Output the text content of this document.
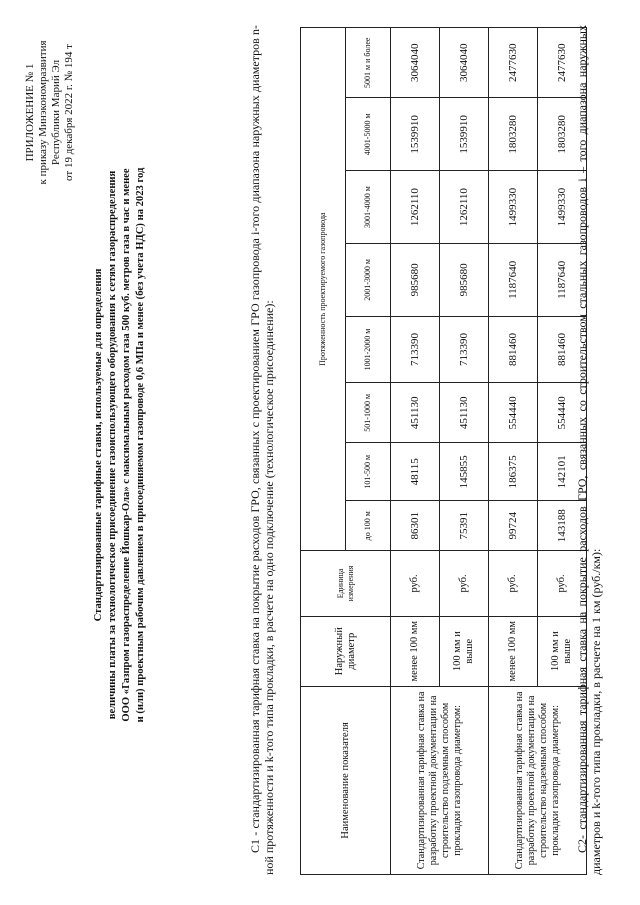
ПРИЛОЖЕНИЕ № 1 к приказу Минэкономразвития Республики Марий Эл от 19 декабря 2022 г. № 194 т
Стандартизированные тарифные ставки, используемые для определения величины платы за технологическое присоединение газоиспользующего оборудования к сетям газораспределения ООО «Газпром газораспределение Йошкар-Ола» с максимальным расходом газа 500 куб. метров газа в час и менее и (или) проектным рабочим давлением в присоединяемом газопроводе 0,6 МПа и менее (без учета НДС) на 2023 год	С1 - стандартизированная тарифная ставка на покрытие расходов ГРО, связанных с проектированием ГРО газопровода i-того диапазона наружных диаметров n-ной протяженности и k-того типа прокладки, в расчете на одно подключение (технологическое присоединение):	Наименование показателя	Наружный диаметр	Единица измерения	Протяженность проектируемого газопровода							
			до 100 м	101-500 м	501-1000 м	1001-2000 м	2001-3000 м	3001-4000 м	4001-5000 м	5001 м и более
Стандартизированная тарифная ставка на разработку проектной документации на строительство подземным способом прокладки газопровода диаметром:	менее 100 мм	руб.	86301	48115	451130	713390	985680	1262110	1539910	3064040
	100 мм и выше	руб.	75391	145855	451130	713390	985680	1262110	1539910	3064040
Стандартизированная тарифная ставка на разработку проектной документации на строительство надземным способом прокладки газопровода диаметром:	менее 100 мм	руб.	99724	186375	554440	881460	1187640	1499330	1803280	2477630
	100 мм и выше	руб.	143188	142101	554440	881460	1187640	1499330	1803280	2477630 С2- стандартизированная тарифная ставка на покрытие расходов ГРО, связанных со строительством стальных газопроводов i – того диапазона наружных диаметров и k-того типа прокладки, в расчете на 1 км (руб./км):
